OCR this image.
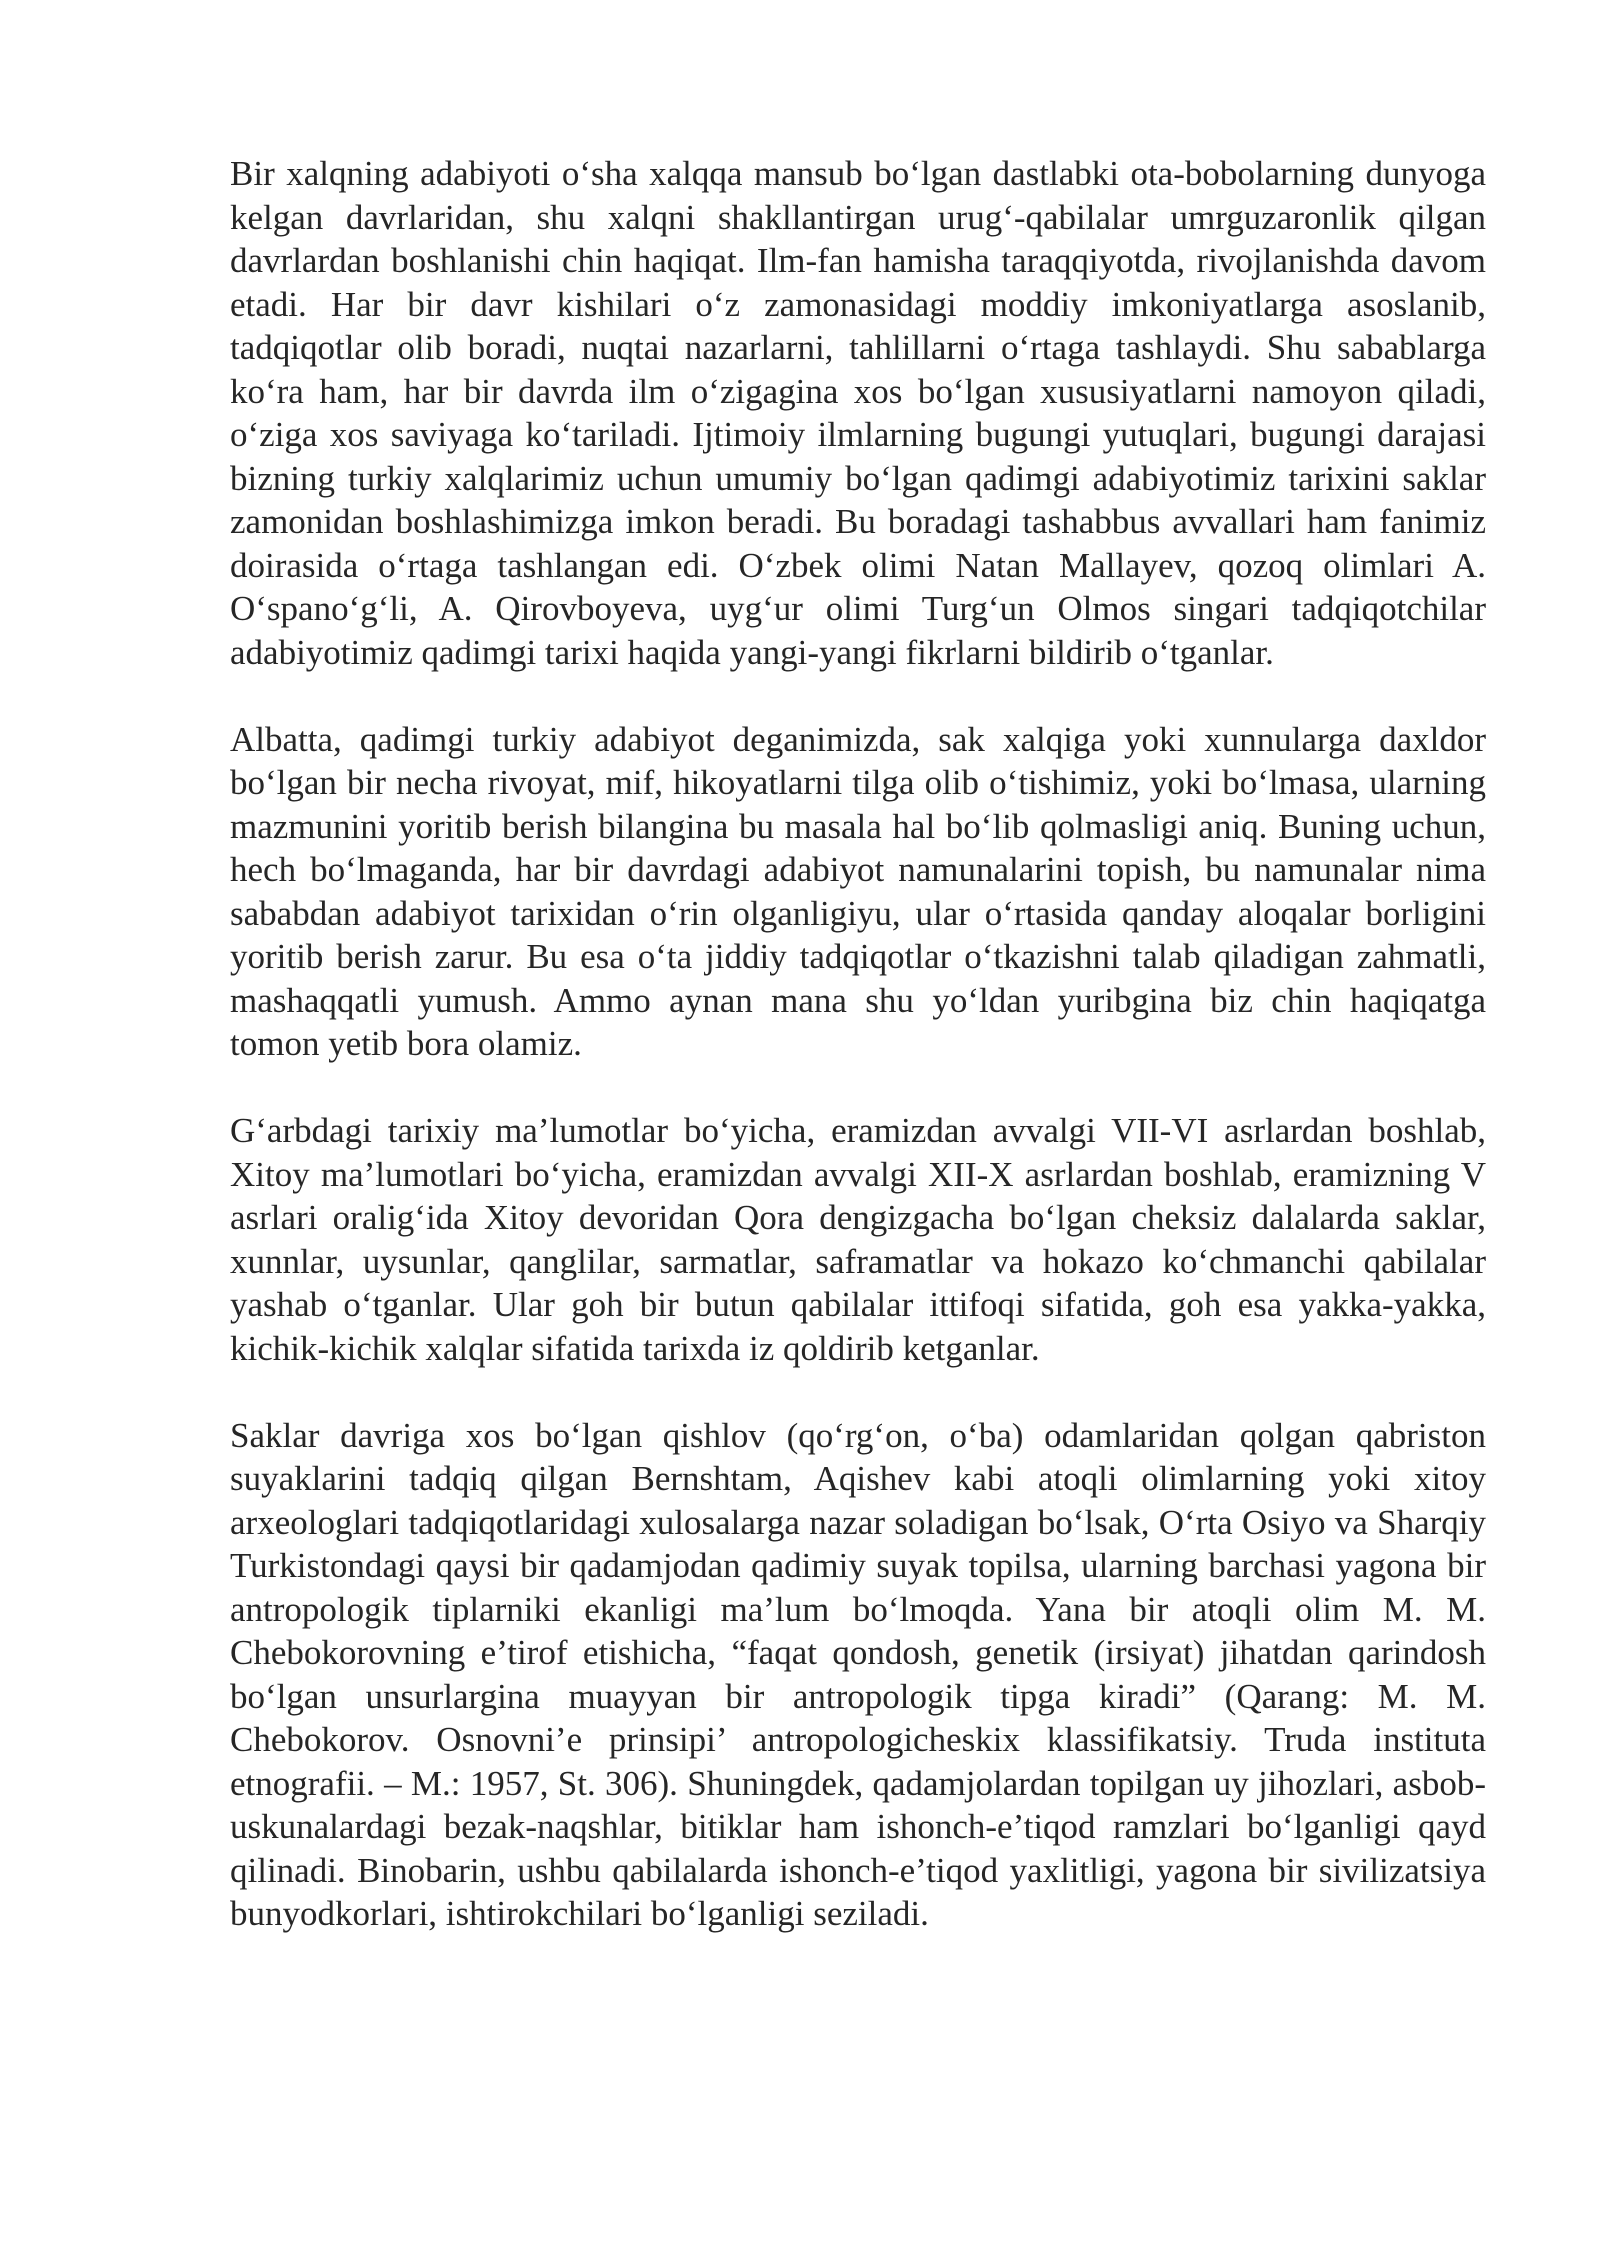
Bir xalqning adabiyoti o‘sha xalqqa mansub bo‘lgan dastlabki ota-bobolarning dunyoga kelgan davrlaridan, shu xalqni shakllantirgan urug‘-qabilalar umrguzaronlik qilgan davrlardan boshlanishi chin haqiqat. Ilm-fan hamisha taraqqiyotda, rivojlanishda davom etadi. Har bir davr kishilari o‘z zamonasidagi moddiy imkoniyatlarga asoslanib, tadqiqotlar olib boradi, nuqtai nazarlarni, tahlillarni o‘rtaga tashlaydi. Shu sabablarga ko‘ra ham, har bir davrda ilm o‘zigagina xos bo‘lgan xususiyatlarni namoyon qiladi, o‘ziga xos saviyaga ko‘tariladi. Ijtimoiy ilmlarning bugungi yutuqlari, bugungi darajasi bizning turkiy xalqlarimiz uchun umumiy bo‘lgan qadimgi adabiyotimiz tarixini saklar zamonidan boshlashimizga imkon beradi. Bu boradagi tashabbus avvallari ham fanimiz doirasida o‘rtaga tashlangan edi. O‘zbek olimi Natan Mallayev, qozoq olimlari A. O‘spano‘g‘li, A. Qirovboyeva, uyg‘ur olimi Turg‘un Olmos singari tadqiqotchilar adabiyotimiz qadimgi tarixi haqida yangi-yangi fikrlarni bildirib o‘tganlar.

Albatta, qadimgi turkiy adabiyot deganimizda, sak xalqiga yoki xunnularga daxldor bo‘lgan bir necha rivoyat, mif, hikoyatlarni tilga olib o‘tishimiz, yoki bo‘lmasa, ularning mazmunini yoritib berish bilangina bu masala hal bo‘lib qolmasligi aniq. Buning uchun, hech bo‘lmaganda, har bir davrdagi adabiyot namunalarini topish, bu namunalar nima sababdan adabiyot tarixidan o‘rin olganligiyu, ular o‘rtasida qanday aloqalar borligini yoritib berish zarur. Bu esa o‘ta jiddiy tadqiqotlar o‘tkazishni talab qiladigan zahmatli, mashaqqatli yumush. Ammo aynan mana shu yo‘ldan yuribgina biz chin haqiqatga tomon yetib bora olamiz.

G‘arbdagi tarixiy ma’lumotlar bo‘yicha, eramizdan avvalgi VII-VI asrlardan boshlab, Xitoy ma’lumotlari bo‘yicha, eramizdan avvalgi XII-X asrlardan boshlab, eramizning V asrlari oralig‘ida Xitoy devoridan Qora dengizgacha bo‘lgan cheksiz dalalarda saklar, xunnlar, uysunlar, qanglilar, sarmatlar, saframatlar va hokazo ko‘chmanchi qabilalar yashab o‘tganlar. Ular goh bir butun qabilalar ittifoqi sifatida, goh esa yakka-yakka, kichik-kichik xalqlar sifatida tarixda iz qoldirib ketganlar.

Saklar davriga xos bo‘lgan qishlov (qo‘rg‘on, o‘ba) odamlaridan qolgan qabriston suyaklarini tadqiq qilgan Bernshtam, Aqishev kabi atoqli olimlarning yoki xitoy arxeologlari tadqiqotlaridagi xulosalarga nazar soladigan bo‘lsak, O‘rta Osiyo va Sharqiy Turkistondagi qaysi bir qadamjodan qadimiy suyak topilsa, ularning barchasi yagona bir antropologik tiplarniki ekanligi ma’lum bo‘lmoqda. Yana bir atoqli olim M. M. Chebokorovning e’tirof etishicha, “faqat qondosh, genetik (irsiyat) jihatdan qarindosh bo‘lgan unsurlargina muayyan bir antropologik tipga kiradi” (Qarang: M. M. Chebokorov. Osnovni’e prinsipi’ antropologicheskix klassifikatsiy. Truda instituta etnografii. – M.: 1957, St. 306). Shuningdek, qadamjolardan topilgan uy jihozlari, asbob-uskunalardagi bezak-naqshlar, bitiklar ham ishonch-e’tiqod ramzlari bo‘lganligi qayd qilinadi. Binobarin, ushbu qabilalarda ishonch-e’tiqod yaxlitligi, yagona bir sivilizatsiya bunyodkorlari, ishtirokchilari bo‘lganligi seziladi.
